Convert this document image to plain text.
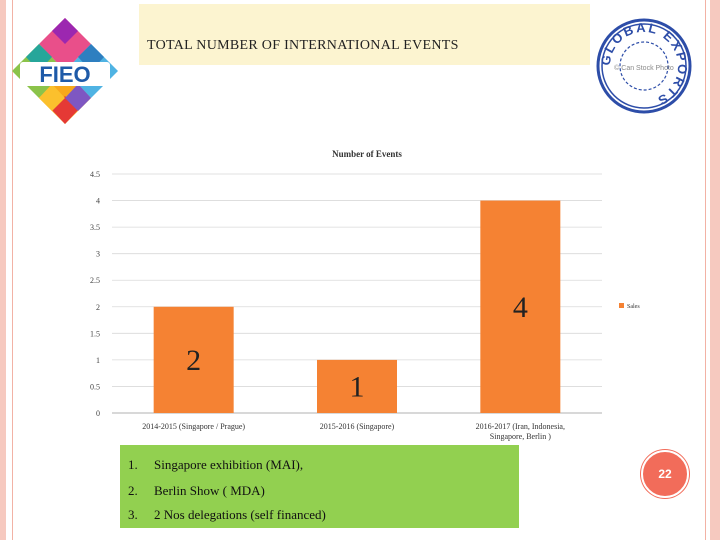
FIEO
TOTAL NUMBER OF INTERNATIONAL EVENTS
GLOBAL EXPORTS
© Can Stock Photo
Number of Events
0
0.5
1
1.5
2
2.5
3
3.5
4
4.5
2
1
4
2014-2015 (Singapore / Prague)	2015-2016 (Singapore)	2016-2017 (Iran, Indonesia,
Singapore, Berlin )
Sales
1. Singapore exhibition (MAI),
2. Berlin Show ( MDA)
3. 2 Nos delegations (self financed)
22
